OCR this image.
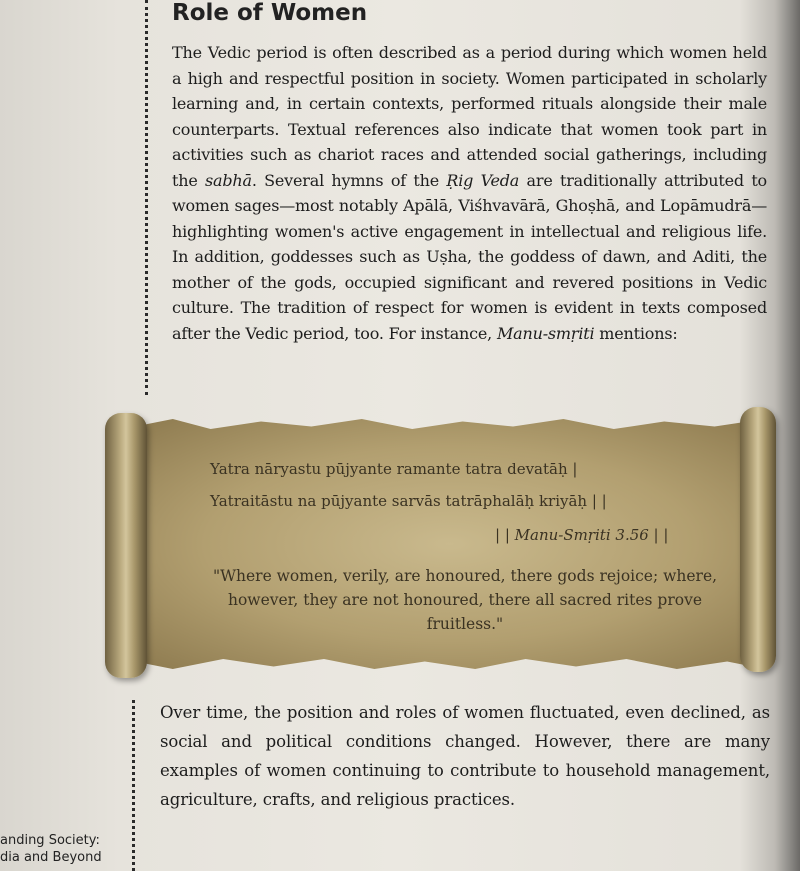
Role of Women

The Vedic period is often described as a period during which women held a high and respectful position in society. Women participated in scholarly learning and, in certain contexts, performed rituals alongside their male counterparts. Textual references also indicate that women took part in activities such as chariot races and attended social gatherings, including the sabhā. Several hymns of the Ṛig Veda are traditionally attributed to women sages—most notably Apālā, Viśhvavārā, Ghoṣhā, and Lopāmudrā—highlighting women's active engagement in intellectual and religious life. In addition, goddesses such as Uṣha, the goddess of dawn, and Aditi, the mother of the gods, occupied significant and revered positions in Vedic culture. The tradition of respect for women is evident in texts composed after the Vedic period, too. For instance, Manu-smṛiti mentions:

Yatra nāryastu pūjyante ramante tatra devatāḥ |
Yatraitāstu na pūjyante sarvās tatrāphalāḥ kriyāḥ | |
| | Manu-Smṛiti 3.56 | |

"Where women, verily, are honoured, there gods rejoice; where, however, they are not honoured, there all sacred rites prove fruitless."

Over time, the position and roles of women fluctuated, even declined, as social and political conditions changed. However, there are many examples of women continuing to contribute to household management, agriculture, crafts, and religious practices.

anding Society:
dia and Beyond
